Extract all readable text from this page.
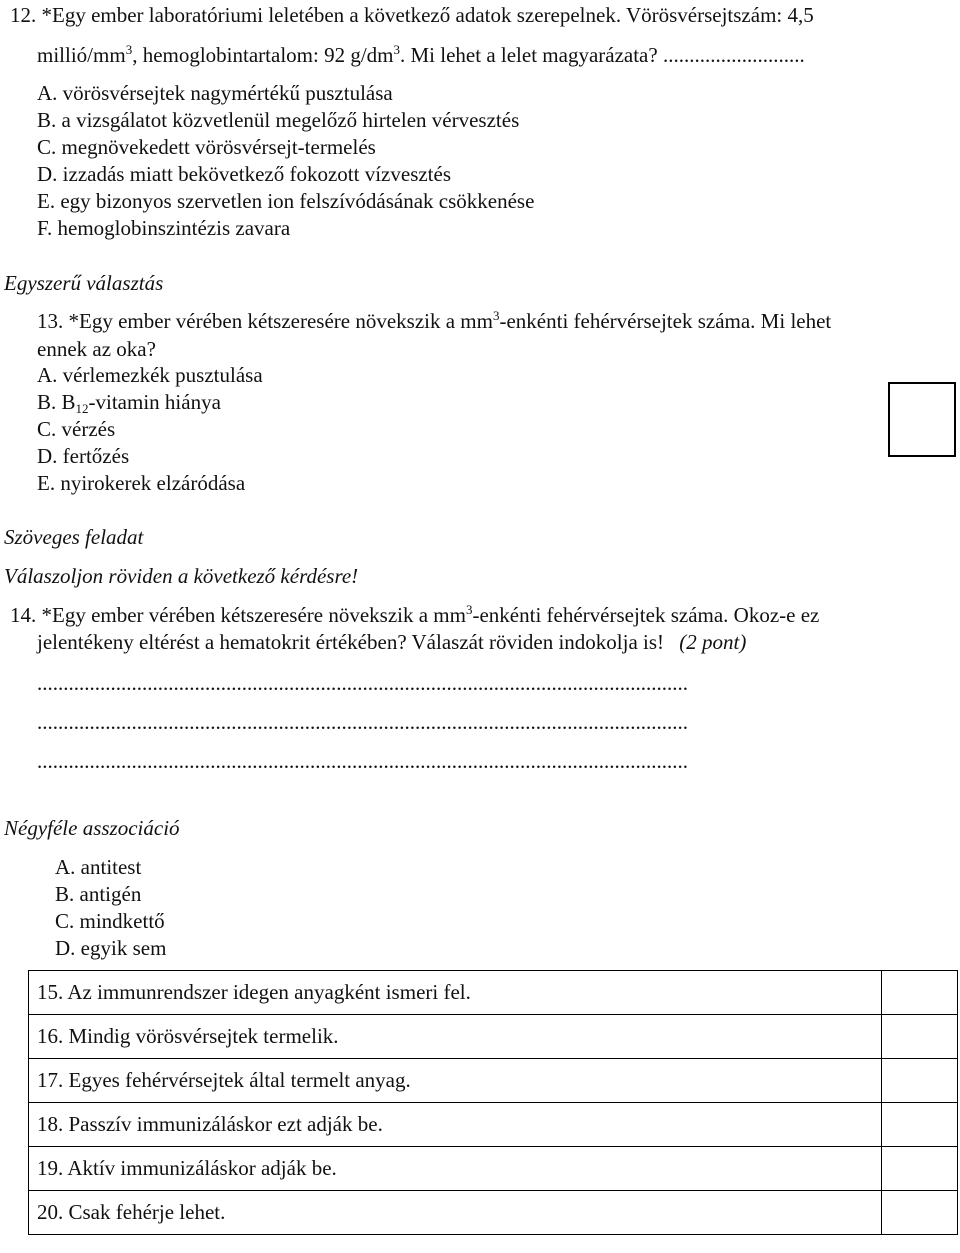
12. *Egy ember laboratóriumi leletében a következő adatok szerepelnek. Vörösvérsejtszám: 4,5
millió/$mm^3$, hemoglobintartalom: 92 $g/dm^3$. Mi lehet a lelet magyarázata? ...........................
A. vörösvérsejtek nagymértékű pusztulása
B. a vizsgálatot közvetlenül megelőző hirtelen vérvesztés
C. megnövekedett vörösvérsejt-termelés
D. izzadás miatt bekövetkező fokozott vízvesztés
E. egy bizonyos szervetlen ion felszívódásának csökkenése
F. hemoglobinszintézis zavara
Egyszerű választás
13. *Egy ember vérében kétszeresére növekszik a $mm^3$-enkénti fehérvérsejtek száma. Mi lehet
ennek az oka?
A. vérlemezkék pusztulása
B. B12-vitamin hiánya
C. vérzés
D. fertőzés
E. nyirokerek elzáródása
Szöveges feladat
Válaszoljon röviden a következő kérdésre!
14. *Egy ember vérében kétszeresére növekszik a $mm^3$-enkénti fehérvérsejtek száma. Okoz-e ez
jelentékeny eltérést a hematokrit értékében? Válaszát röviden indokolja is! (2 pont)
............................................................................................................................
............................................................................................................................
............................................................................................................................
Négyféle asszociáció
A. antitest
B. antigén
C. mindkettő
D. egyik sem
15. Az immunrendszer idegen anyagként ismeri fel.	
16. Mindig vörösvérsejtek termelik.	
17. Egyes fehérvérsejtek által termelt anyag.	
18. Passzív immunizáláskor ezt adják be.	
19. Aktív immunizáláskor adják be.	
20. Csak fehérje lehet.	
